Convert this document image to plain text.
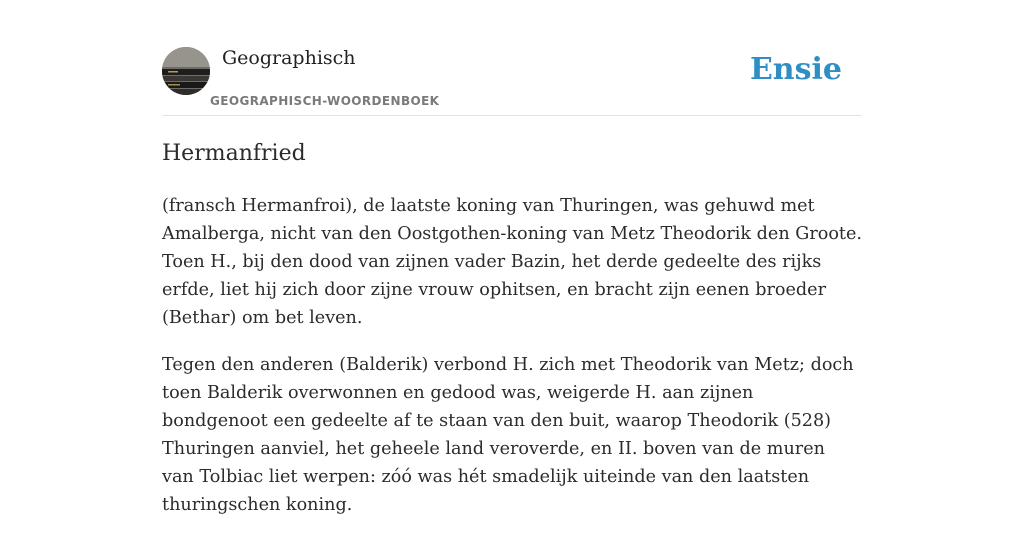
Geographisch
GEOGRAPHISCH-WOORDENBOEK
Ensie
Hermanfried

(fransch Hermanfroi), de laatste koning van Thuringen, was gehuwd met Amalberga, nicht van den Oostgothen-koning van Metz Theodorik den Groote. Toen H., bij den dood van zijnen vader Bazin, het derde gedeelte des rijks erfde, liet hij zich door zijne vrouw ophitsen, en bracht zijn eenen broeder (Bethar) om bet leven.

Tegen den anderen (Balderik) verbond H. zich met Theodorik van Metz; doch toen Balderik overwonnen en gedood was, weigerde H. aan zijnen bondgenoot een gedeelte af te staan van den buit, waarop Theodorik (528) Thuringen aanviel, het geheele land veroverde, en II. boven van de muren van Tolbiac liet werpen: zóó was hét smadelijk uiteinde van den laatsten thuringschen koning.
